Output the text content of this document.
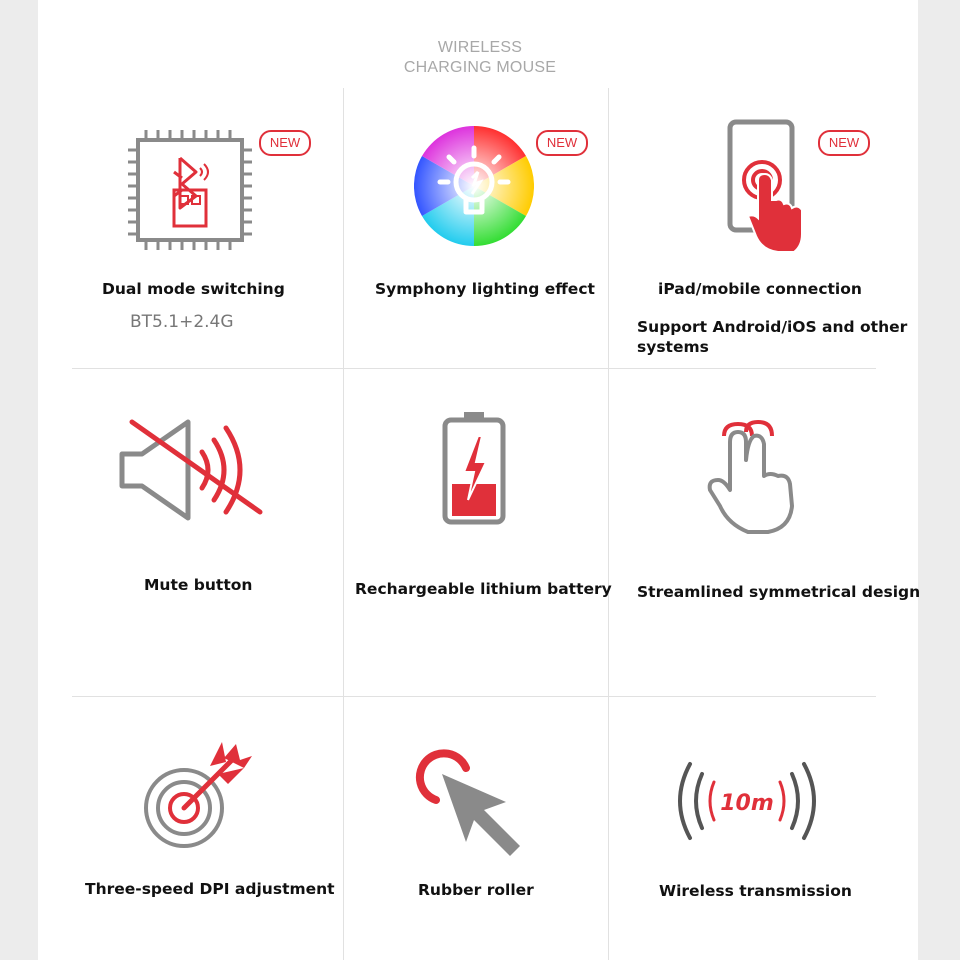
WIRELESS
CHARGING MOUSE
NEW
Dual mode switching
BT5.1+2.4G
NEW
Symphony lighting effect
NEW
iPad/mobile connection
Support Android/iOS and other systems
Mute button	Rechargeable lithium battery Streamlined symmetrical design
Three-speed DPI adjustment	Rubber roller
10m
Wireless transmission
